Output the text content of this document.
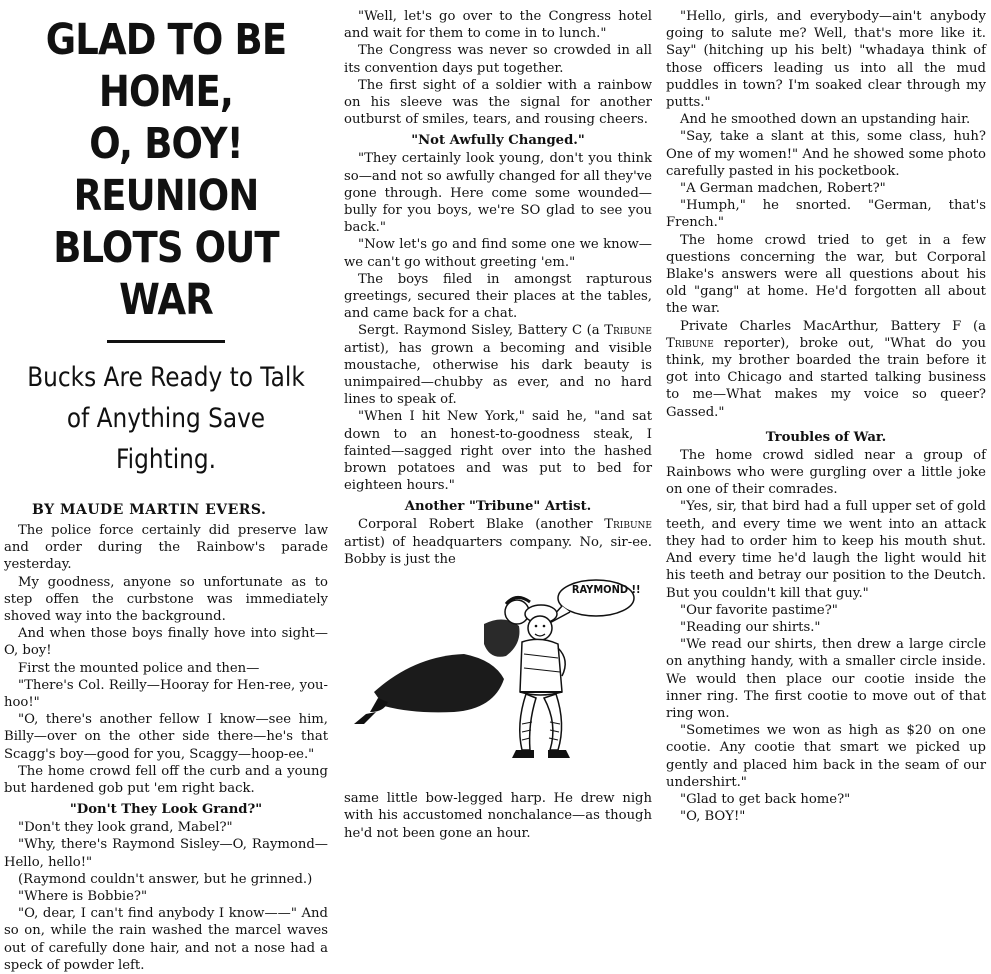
GLAD TO BE HOME,
O, BOY! REUNION
BLOTS OUT WAR
Bucks Are Ready to Talk
of Anything Save
Fighting.
BY MAUDE MARTIN EVERS.

The police force certainly did preserve law and order during the Rainbow's parade yesterday.

My goodness, anyone so unfortunate as to step offen the curbstone was immediately shoved way into the background.

And when those boys finally hove into sight—O, boy!

First the mounted police and then—

"There's Col. Reilly—Hooray for Hen-ree, you-hoo!"

"O, there's another fellow I know—see him, Billy—over on the other side there—he's that Scagg's boy—good for you, Scaggy—hoop-ee."

The home crowd fell off the curb and a young but hardened gob put 'em right back.

"Don't They Look Grand?"

"Don't they look grand, Mabel?"

"Why, there's Raymond Sisley—O, Raymond—Hello, hello!"

(Raymond couldn't answer, but he grinned.)

"Where is Bobbie?"

"O, dear, I can't find anybody I know——" And so on, while the rain washed the marcel waves out of carefully done hair, and not a nose had a speck of powder left.

"Well, let's go over to the Congress hotel and wait for them to come in to lunch."

The Congress was never so crowded in all its convention days put together.

The first sight of a soldier with a rainbow on his sleeve was the signal for another outburst of smiles, tears, and rousing cheers.

"Not Awfully Changed."

"They certainly look young, don't you think so—and not so awfully changed for all they've gone through. Here come some wounded—bully for you boys, we're SO glad to see you back."

"Now let's go and find some one we know—we can't go without greeting 'em."

The boys filed in amongst rapturous greetings, secured their places at the tables, and came back for a chat.

Sergt. Raymond Sisley, Battery C (a Tribune artist), has grown a becoming and visible moustache, otherwise his dark beauty is unimpaired—chubby as ever, and no hard lines to speak of.

"When I hit New York," said he, "and sat down to an honest-to-goodness steak, I fainted—sagged right over into the hashed brown potatoes and was put to bed for eighteen hours."

Another "Tribune" Artist.

Corporal Robert Blake (another Tribune artist) of headquarters company. No, sir-ee. Bobby is just the

RAYMOND !!

same little bow-legged harp. He drew nigh with his accustomed nonchalance—as though he'd not been gone an hour.

"Hello, girls, and everybody—ain't anybody going to salute me? Well, that's more like it. Say" (hitching up his belt) "whadaya think of those officers leading us into all the mud puddles in town? I'm soaked clear through my putts."

And he smoothed down an upstanding hair.

"Say, take a slant at this, some class, huh? One of my women!" And he showed some photo carefully pasted in his pocketbook.

"A German madchen, Robert?"

"Humph," he snorted. "German, that's French."

The home crowd tried to get in a few questions concerning the war, but Corporal Blake's answers were all questions about his old "gang" at home. He'd forgotten all about the war.

Private Charles MacArthur, Battery F (a Tribune reporter), broke out, "What do you think, my brother boarded the train before it got into Chicago and started talking business to me—What makes my voice so queer? Gassed."

Troubles of War.

The home crowd sidled near a group of Rainbows who were gurgling over a little joke on one of their comrades.

"Yes, sir, that bird had a full upper set of gold teeth, and every time we went into an attack they had to order him to keep his mouth shut. And every time he'd laugh the light would hit his teeth and betray our position to the Deutch. But you couldn't kill that guy."

"Our favorite pastime?"

"Reading our shirts."

"We read our shirts, then drew a large circle on anything handy, with a smaller circle inside. We would then place our cootie inside the inner ring. The first cootie to move out of that ring won.

"Sometimes we won as high as $20 on one cootie. Any cootie that smart we picked up gently and placed him back in the seam of our undershirt."

"Glad to get back home?"

"O, BOY!"
